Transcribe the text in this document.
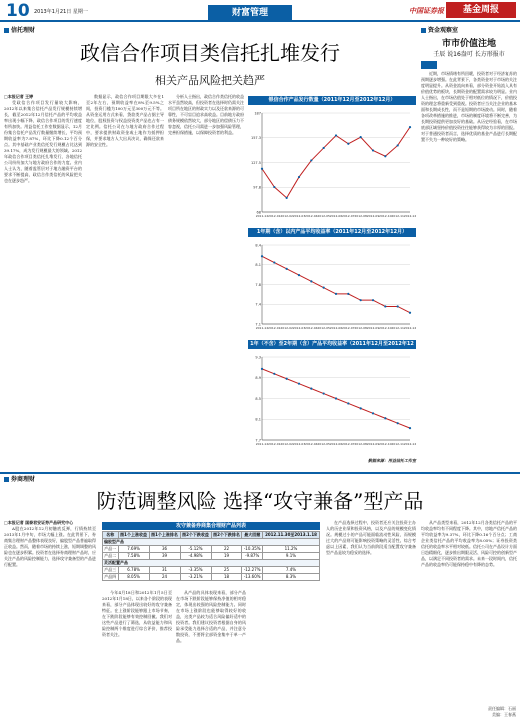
10 2013年1月21日 星期一	财富管理	中国证券报	基金周报
信托理财	资金观察室
政信合作项目类信托扎堆发行
相关产品风险把关趋严

□本报记者 王婷

受政信合作项目发行量较大影响，2012年以来集合信托产品发行规模持续增长，截至2012年12月信托产品的平均收益率出现小幅下降，政信合作项目的发行速度有所加快。用益信托工作室数据显示，12月份集合信托产品发行数量继续增长，平均预期收益率为7.87%，环比下降0.12个百分点。其中基础产业类信托发行规模占比达到39.17%，成为发行规模最大的领域。2012年政信合作项目类信托扎堆发行，各地信托公司纷纷加大与地方政府合作的力度。业内人士认为，随着监管层对于地方融资平台的要求不断提高，政信合作类信托的风险把关也在逐步趋严。

数据显示，政信合作项目期限大多在1至2年左右，预期收益率在8%至9.5%之间，投资门槛为100万元至300万元不等。从资金运用方式来看，贷款类产品占据主导地位，股权投资与权益投资类产品也占有一定比例。信托公司在与地方政府合作过程中，要求提供财政资金或土地作为抵押担保，并要求地方人大出具决议，确保还款来源的安全性。

分析人士指出，政信合作类信托的收益水平虽然较高，但投资者在选择时仍需关注项目所在地区的财政实力以及还款来源的可靠性，不可盲目追求高收益。目前地方政府债务规模依然较大，部分地区的偿债压力不容忽视，信托公司需进一步加强风险管理，完善担保措施，以保障投资者的利益。

银信合作产品发行数量（2011年12月至2012年12月）
187
157.3
127.5
97.8
68
2011-12 2012-01 2012-02 2012-03 2012-04 2012-05 2012-06 2012-07 2012-08 2012-09 2012-10 2012-11 2012-12
1年期（含）以内产品平均收益率（2011年12月至2012年12月）
8.4
8.1
7.8
7.4
7.1
2011-12 2012-01 2012-02 2012-03 2012-04 2012-05 2012-06 2012-07 2012-08 2012-09 2012-10 2012-11 2012-12
1年（不含）至2年期（含）产品平均收益率（2011年12月至2012年12月）
9.3
8.9
8.5
8.1
7.7
2011-12 2012-01 2012-02 2012-03 2012-04 2012-05 2012-06 2012-07 2012-08 2012-09 2012-10 2012-11 2012-12
数据来源：用益信托工作室
市市价值注地
壬辰 说16盎可 长方形报市

近期，市场情绪有所回暖，投资者对于经济复苏的预期逐步增强。在此背景下，各类资金对于市场的关注度明显提升。从资金流向来看，部分资金开始流入具有价值优势的板块，长期资金的配置需求较为明显。业内人士指出，在市场估值处于相对低位的情况下，价值投资的理念将重新受到重视。投资者应当关注企业的基本面和长期成长性，而不是短期的市场波动。同时，随着各项改革措施的推进，市场的制度环境将不断完善，为长期投资提供更加良好的基础。从历史经验看，在市场底部区域坚持价值投资往往能够获得较为丰厚的回报。对于普通投资者而言，选择优质的基金产品进行长期配置不失为一种较好的策略。

券商理财
防范调整风险 选择“攻守兼备”型产品

□本报记者 国泰君安证券产品研究中心

A股在2012年12月初触底反弹，行情持续至2013年1月中旬，市场大幅上涨。在此背景下，券商集合理财产品整体表现良好，偏股型产品普遍取得正收益。然而，随着市场的持续上涨，短期调整的风险也在逐步积累。投资者在选择券商理财产品时，应关注产品的风险控制能力，选择攻守兼备型的产品进行配置。

攻守兼备券商集合理财产品列表
名称	图1个上涨收益	图1个上涨排名	图2个下跌收益	图2个下跌排名	最大回撤	2012.11.30至2013.1.18
偏股型产品						
产品一	7.69%	36	-5.12%	22	-10.35%	11.2%
产品二	7.58%	39	-4.98%	19	-9.87%	9.1%
灵活配置产品						
产品三	6.78%	31	-3.35%	25	-12.27%	7.4%
产品四	8.05%	24	-3.21%	18	-13.60%	8.3%

今年4月18日和2012年1月5日至2012年1月18日，以来各个阶段的表现来看，部分产品体现出较好的攻守兼备特征。在上涨阶段能够跟上市场节奏，在下跌阶段能够有效控制回撤。我们对这些产品进行了筛选，从收益能力和风险控制两个维度进行综合评价，推荐投资者关注。

从产品的具体表现来看，部分产品在市场下跌阶段能够保持净值的相对稳定，体现出较强的风险控制能力。同时在市场上涨阶段也能够取得较好的收益，这类产品较为适合风险偏好适中的投资者。我们建议投资者根据自身的风险承受能力选择合适的产品，并注意分散投资，不要将全部资金集中于单一产品。

在产品选择过程中，投资者还应关注投资主办人的历史业绩和投资风格，以及产品的规模变化情况。规模过小的产品可能面临流动性风险，而规模过大的产品则可能影响投资策略的灵活性。综合考虑以上因素，我们认为当前阶段适当配置攻守兼备型产品是较为稳妥的选择。

从产品类型来看，2012年12月各类信托产品的平均收益率均有不同程度下降。其中，房地产信托产品的平均收益率为9.37%，环比下降0.16个百分点；工商企业类信托产品的平均收益率为8.05%；证券投资类信托的收益率水平相对较低。信托公司在产品设计方面日趋精细化，逐步推出期限灵活、风险可控的创新型产品，以满足不同投资者的需求。未来一段时间内，信托产品的收益率仍可能保持稳中有降的态势。

责任编辑：石丽
美编：王春燕
